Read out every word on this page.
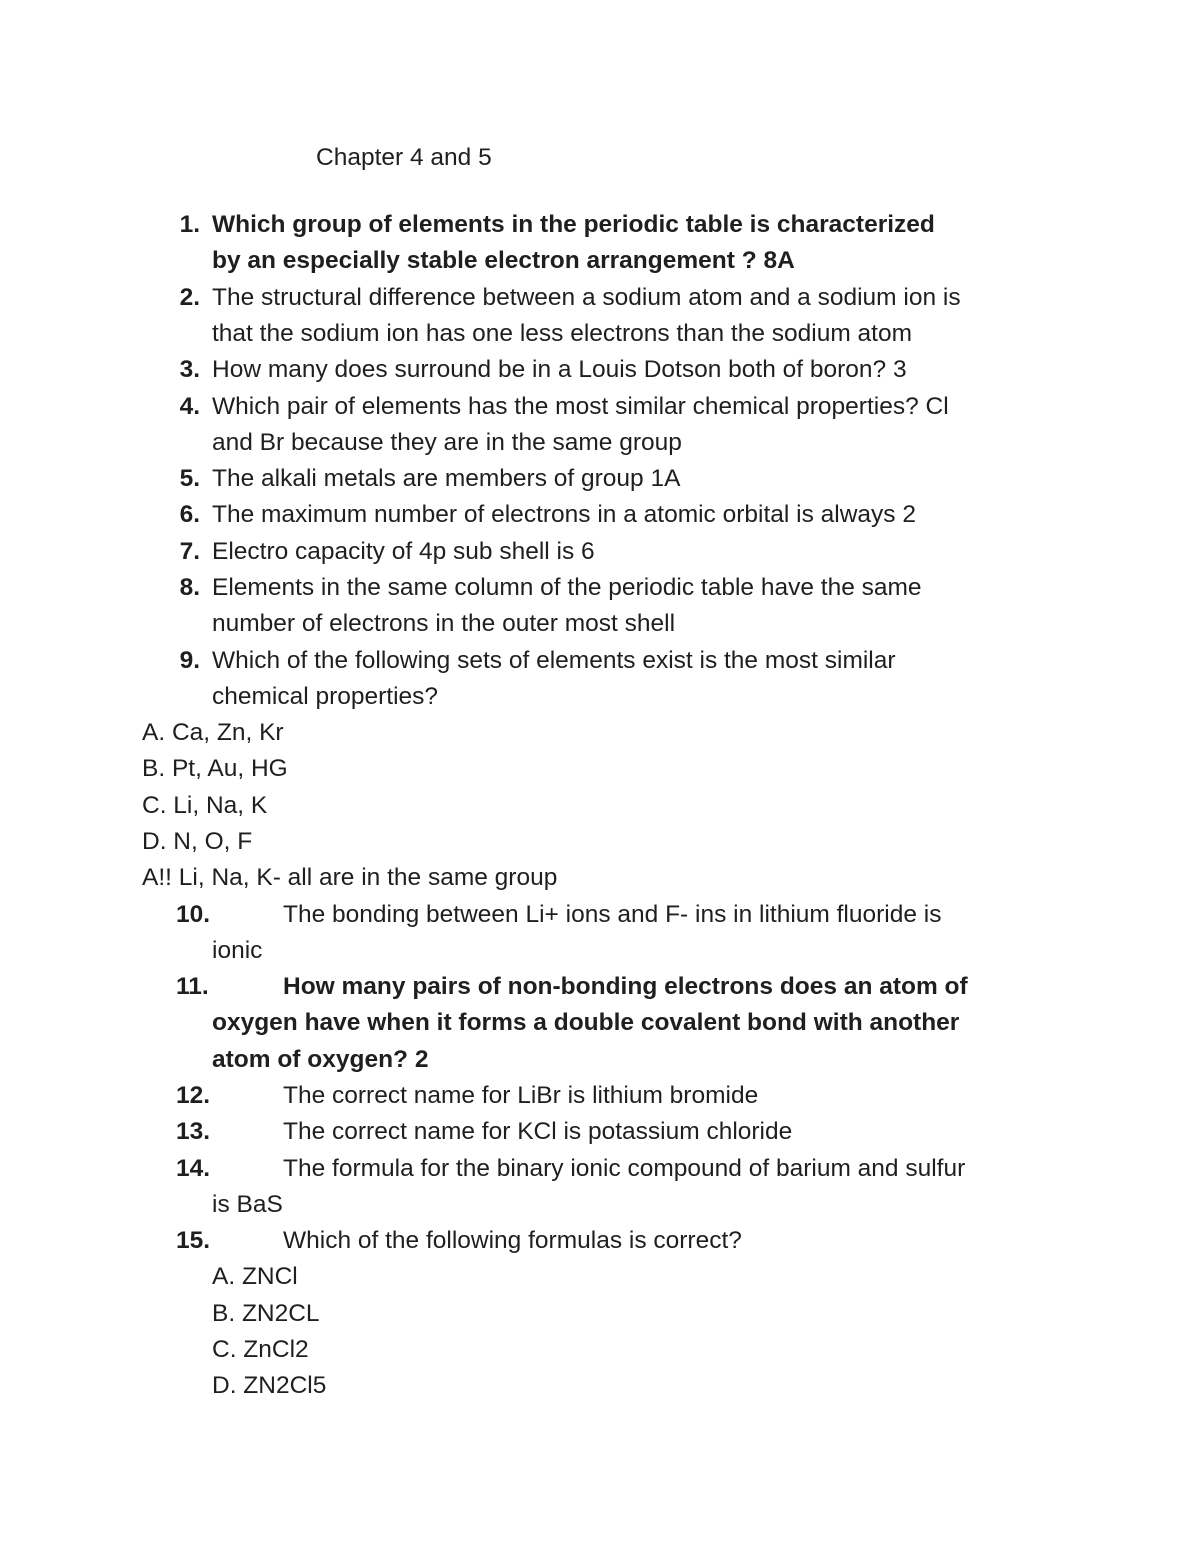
Chapter 4 and 5
1. Which group of elements in the periodic table is characterized
by an especially stable electron arrangement ? 8A
2. The structural difference between a sodium atom and a sodium ion is
that the sodium ion has one less electrons than the sodium atom
3. How many does surround be in a Louis Dotson both of boron? 3
4. Which pair of elements has the most similar chemical properties? Cl
and Br because they are in the same group
5. The alkali metals are members of group 1A
6. The maximum number of electrons in a atomic orbital is always 2
7. Electro capacity of 4p sub shell is 6
8. Elements in the same column of the periodic table have the same
number of electrons in the outer most shell
9. Which of the following sets of elements exist is the most similar
chemical properties?
A. Ca, Zn, Kr
B. Pt, Au, HG
C. Li, Na, K
D. N, O, F
A!! Li, Na, K- all are in the same group
10.	The bonding between Li+ ions and F- ins in lithium fluoride is
ionic
11.	How many pairs of non-bonding electrons does an atom of
oxygen have when it forms a double covalent bond with another
atom of oxygen? 2
12.	The correct name for LiBr is lithium bromide
13.	The correct name for KCl is potassium chloride
14.	The formula for the binary ionic compound of barium and sulfur
is BaS
15.	Which of the following formulas is correct?
A. ZNCl
B. ZN2CL
C. ZnCl2
D. ZN2Cl5
